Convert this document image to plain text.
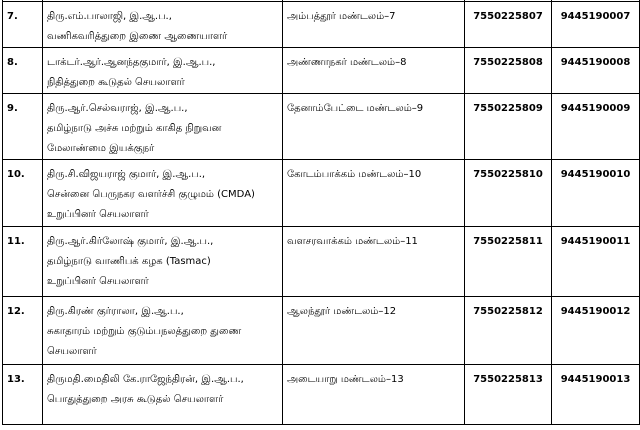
7.	திரு.எம்.பாலாஜி, இ.ஆ.ப.,
வணிகவரித்துறை இணை ஆணையாளர்	அம்பத்தூர் மண்டலம்–7	7550225807	9445190007
8.	டாக்டர்.ஆர்.ஆனந்தகுமார், இ.ஆ.ப.,
நிதித்துறை கூடுதல் செயலாளர்	அண்ணாநகர் மண்டலம்–8	7550225808	9445190008
9.	திரு.ஆர்.செல்வராஜ், இ.ஆ.ப.,
தமிழ்நாடு அச்சு மற்றும் காகித நிறுவன
மேலாண்மை இயக்குநர்	தேனாம்பேட்டை மண்டலம்–9	7550225809	9445190009
10.	திரு.சி.விஜயராஜ் குமார், இ.ஆ.ப.,
சென்னை பெருநகர வளர்ச்சி குழுமம் (CMDA)
உறுப்பினர் செயலாளர்	கோடம்பாக்கம் மண்டலம்–10	7550225810	9445190010
11.	திரு.ஆர்.கிர்லோஷ் குமார், இ.ஆ.ப.,
தமிழ்நாடு வாணிபக் கழக (Tasmac)
உறுப்பினர் செயலாளர்	வளசரவாக்கம் மண்டலம்–11	7550225811	9445190011
12.	திரு.கிரண் குர்ராலா, இ.ஆ.ப.,
சுகாதாரம் மற்றும் குடும்பநலத்துறை துணை
செயலாளர்	ஆலந்தூர் மண்டலம்–12	7550225812	9445190012
13.	திருமதி.மைதிலி கே.ராஜேந்திரன், இ.ஆ.ப.,
பொதுத்துறை அரசு கூடுதல் செயலாளர்	அடையாறு மண்டலம்–13	7550225813	9445190013
